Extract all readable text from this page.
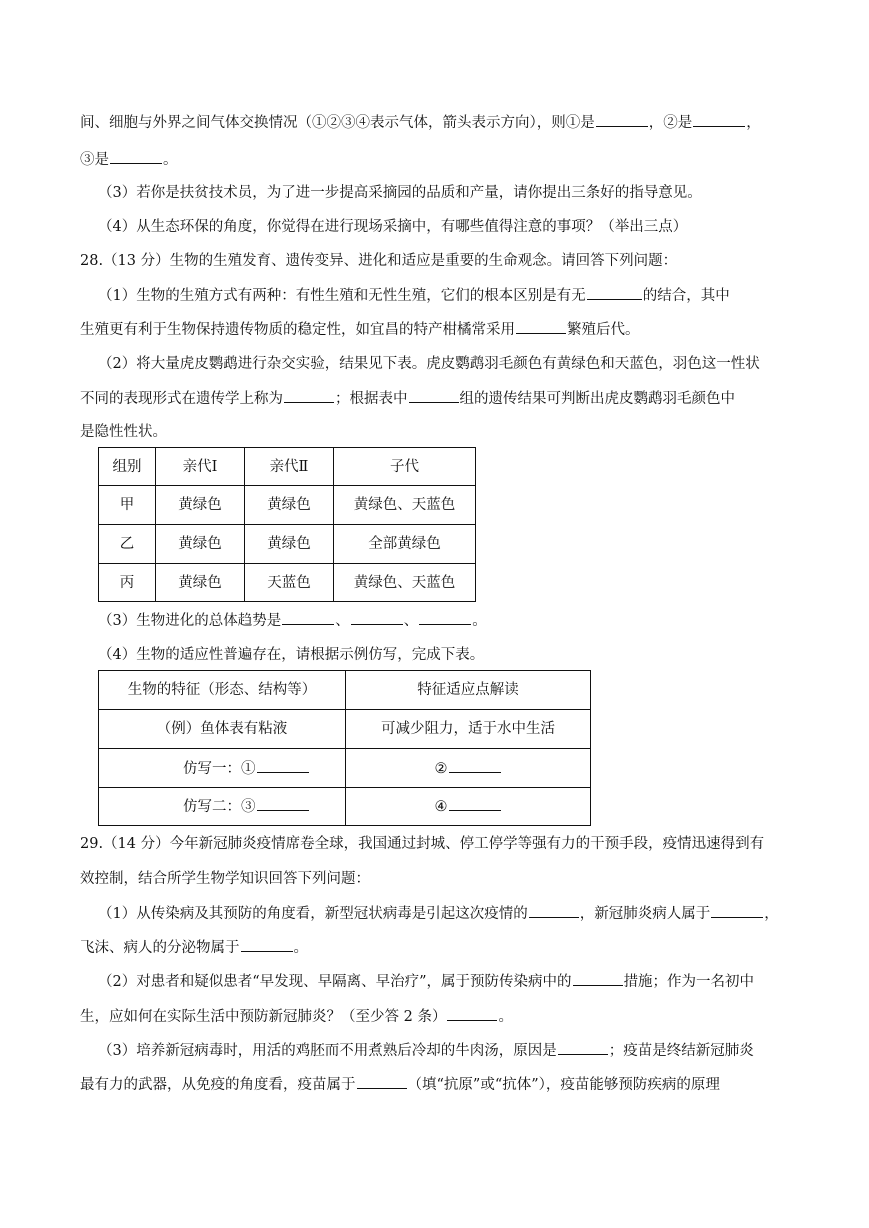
间、细胞与外界之间气体交换情况（①②③④表示气体，箭头表示方向），则①是	，②是	，
③是	。
（3）若你是扶贫技术员，为了进一步提高采摘园的品质和产量，请你提出三条好的指导意见。
（4）从生态环保的角度，你觉得在进行现场采摘中，有哪些值得注意的事项？（举出三点）
28.（13 分）生物的生殖发育、遗传变异、进化和适应是重要的生命观念。请回答下列问题：
（1）生物的生殖方式有两种：有性生殖和无性生殖，它们的根本区别是有无	的结合，其中
生殖更有利于生物保持遗传物质的稳定性，如宜昌的特产柑橘常采用	繁殖后代。
（2）将大量虎皮鹦鹉进行杂交实验，结果见下表。虎皮鹦鹉羽毛颜色有黄绿色和天蓝色，羽色这一性状
不同的表现形式在遗传学上称为	；根据表中	组的遗传结果可判断出虎皮鹦鹉羽毛颜色中
是隐性性状。
组别	亲代Ⅰ	亲代Ⅱ	子代
甲	黄绿色	黄绿色	黄绿色、天蓝色
乙	黄绿色	黄绿色	全部黄绿色
丙	黄绿色	天蓝色	黄绿色、天蓝色
（3）生物进化的总体趋势是	、	、	。
（4）生物的适应性普遍存在，请根据示例仿写，完成下表。
生物的特征（形态、结构等）	特征适应点解读
（例）鱼体表有粘液	可减少阻力，适于水中生活
仿写一：①	②
仿写二：③	④
29.（14 分）今年新冠肺炎疫情席卷全球，我国通过封城、停工停学等强有力的干预手段，疫情迅速得到有
效控制，结合所学生物学知识回答下列问题：
（1）从传染病及其预防的角度看，新型冠状病毒是引起这次疫情的	，新冠肺炎病人属于	，
飞沫、病人的分泌物属于	。
（2）对患者和疑似患者“早发现、早隔离、早治疗”，属于预防传染病中的	措施；作为一名初中
生，应如何在实际生活中预防新冠肺炎？（至少答 2 条）	。
（3）培养新冠病毒时，用活的鸡胚而不用煮熟后冷却的牛肉汤，原因是	；疫苗是终结新冠肺炎
最有力的武器，从免疫的角度看，疫苗属于	（填“抗原”或“抗体”），疫苗能够预防疾病的原理
